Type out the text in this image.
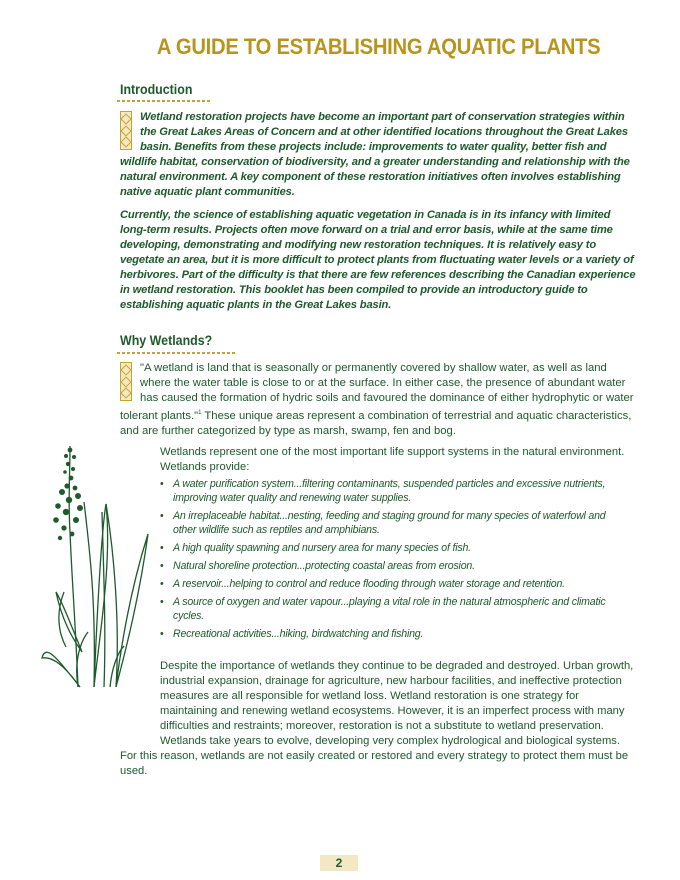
A GUIDE TO ESTABLISHING AQUATIC PLANTS
Introduction

Wetland restoration projects have become an important part of conservation strategies within the Great Lakes Areas of Concern and at other identified locations throughout the Great Lakes basin. Benefits from these projects include: improvements to water quality, better fish and wildlife habitat, conservation of biodiversity, and a greater understanding and relationship with the natural environment. A key component of these restoration initiatives often involves establishing native aquatic plant communities.

Currently, the science of establishing aquatic vegetation in Canada is in its infancy with limited long-term results. Projects often move forward on a trial and error basis, while at the same time developing, demonstrating and modifying new restoration techniques. It is relatively easy to vegetate an area, but it is more difficult to protect plants from fluctuating water levels or a variety of herbivores. Part of the difficulty is that there are few references describing the Canadian experience in wetland restoration. This booklet has been compiled to provide an introductory guide to establishing aquatic plants in the Great Lakes basin.

Why Wetlands?

"A wetland is land that is seasonally or permanently covered by shallow water, as well as land where the water table is close to or at the surface. In either case, the presence of abundant water has caused the formation of hydric soils and favoured the dominance of either hydrophytic or water tolerant plants."$^1$ These unique areas represent a combination of terrestrial and aquatic characteristics, and are further categorized by type as marsh, swamp, fen and bog.

Wetlands represent one of the most important life support systems in the natural environment. Wetlands provide:

• A water purification system...filtering contaminants, suspended particles and excessive nutrients, improving water quality and renewing water supplies.
• An irreplaceable habitat...nesting, feeding and staging ground for many species of waterfowl and other wildlife such as reptiles and amphibians.
• A high quality spawning and nursery area for many species of fish.
• Natural shoreline protection...protecting coastal areas from erosion.
• A reservoir...helping to control and reduce flooding through water storage and retention.
• A source of oxygen and water vapour...playing a vital role in the natural atmospheric and climatic cycles.
• Recreational activities...hiking, birdwatching and fishing.

Despite the importance of wetlands they continue to be degraded and destroyed. Urban growth, industrial expansion, drainage for agriculture, new harbour facilities, and ineffective protection measures are all responsible for wetland loss. Wetland restoration is one strategy for maintaining and renewing wetland ecosystems. However, it is an imperfect process with many difficulties and restraints; moreover, restoration is not a substitute to wetland preservation. Wetlands take years to evolve, developing very complex hydrological and biological systems. For this reason, wetlands are not easily created or restored and every strategy to protect them must be used.

2
